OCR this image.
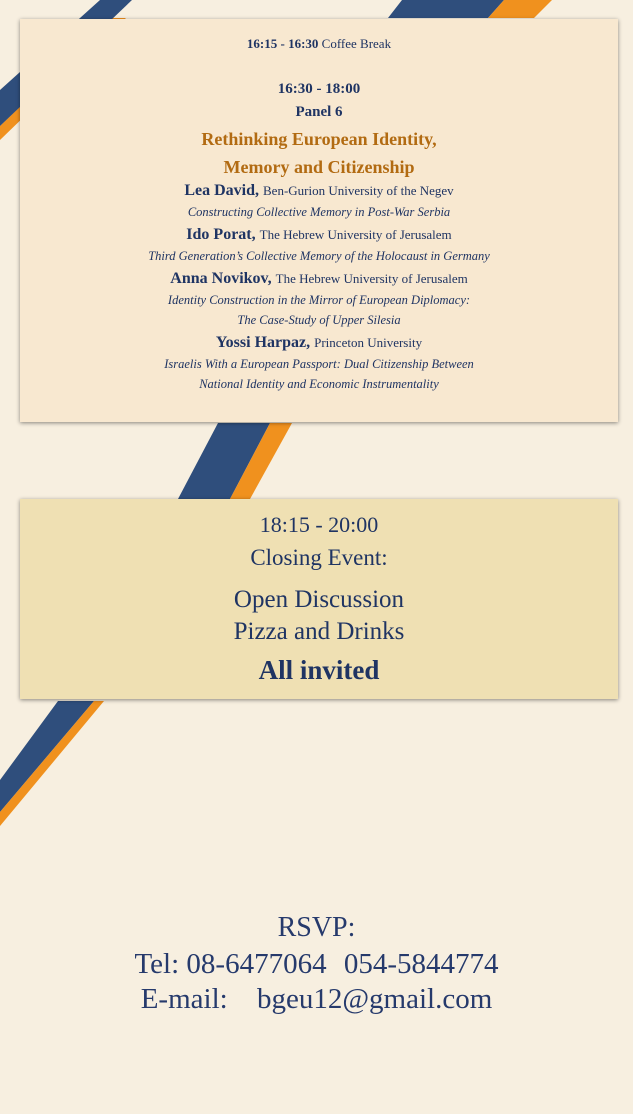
16:15 - 16:30 Coffee Break
16:30 - 18:00
Panel 6
Rethinking European Identity,
Memory and Citizenship
Lea David, Ben-Gurion University of the Negev
Constructing Collective Memory in Post-War Serbia
Ido Porat, The Hebrew University of Jerusalem
Third Generation’s Collective Memory of the Holocaust in Germany
Anna Novikov, The Hebrew University of Jerusalem
Identity Construction in the Mirror of European Diplomacy:
The Case-Study of Upper Silesia
Yossi Harpaz, Princeton University
Israelis With a European Passport: Dual Citizenship Between
National Identity and Economic Instrumentality
18:15 - 20:00
Closing Event:
Open Discussion
Pizza and Drinks
All invited
RSVP:
Tel: 08-6477064 054-5844774
E-mail: bgeu12@gmail.com
